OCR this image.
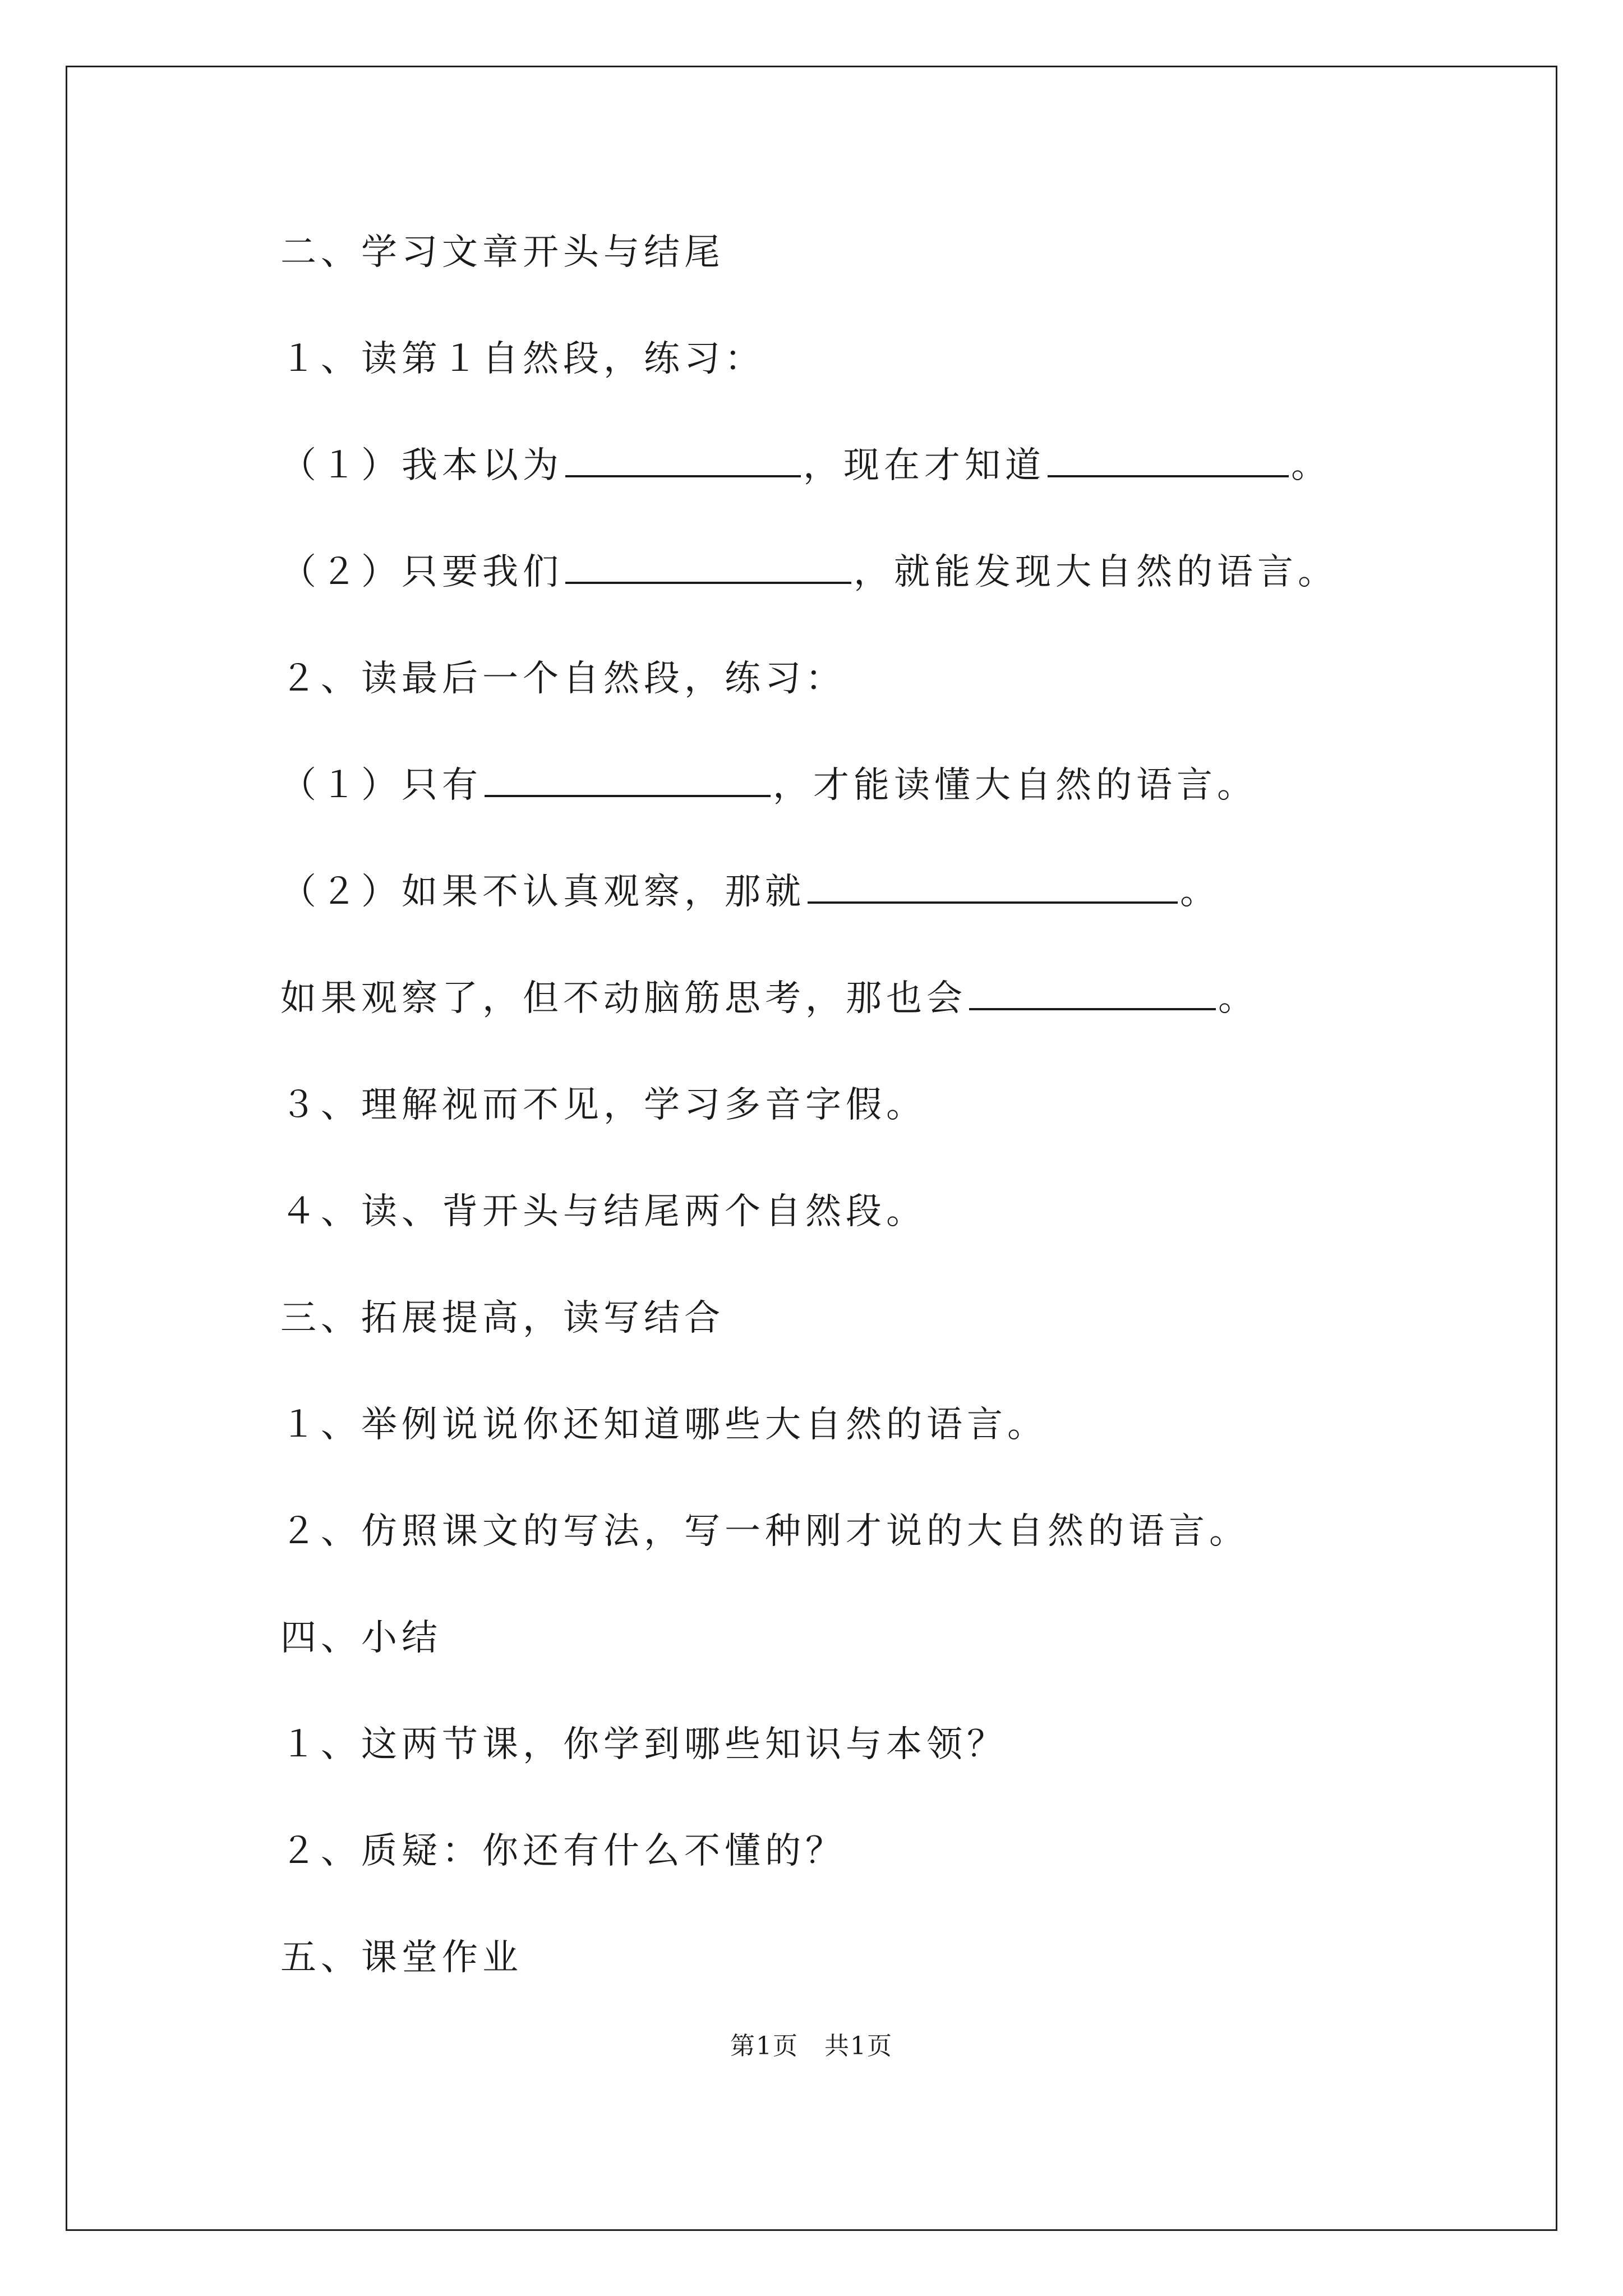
二、学习文章开头与结尾
１、读第１自然段，练习：
（１）我本以为	，现在才知道	。
（２）只要我们	，就能发现大自然的语言。
２、读最后一个自然段，练习：
（１）只有	，才能读懂大自然的语言。
（２）如果不认真观察，那就	。
如果观察了，但不动脑筋思考，那也会	。
３、理解视而不见，学习多音字假。
４、读、背开头与结尾两个自然段。
三、拓展提高，读写结合
１、举例说说你还知道哪些大自然的语言。
２、仿照课文的写法，写一种刚才说的大自然的语言。
四、小结
１、这两节课，你学到哪些知识与本领？
２、质疑：你还有什么不懂的？
五、课堂作业
第1页　共1页
